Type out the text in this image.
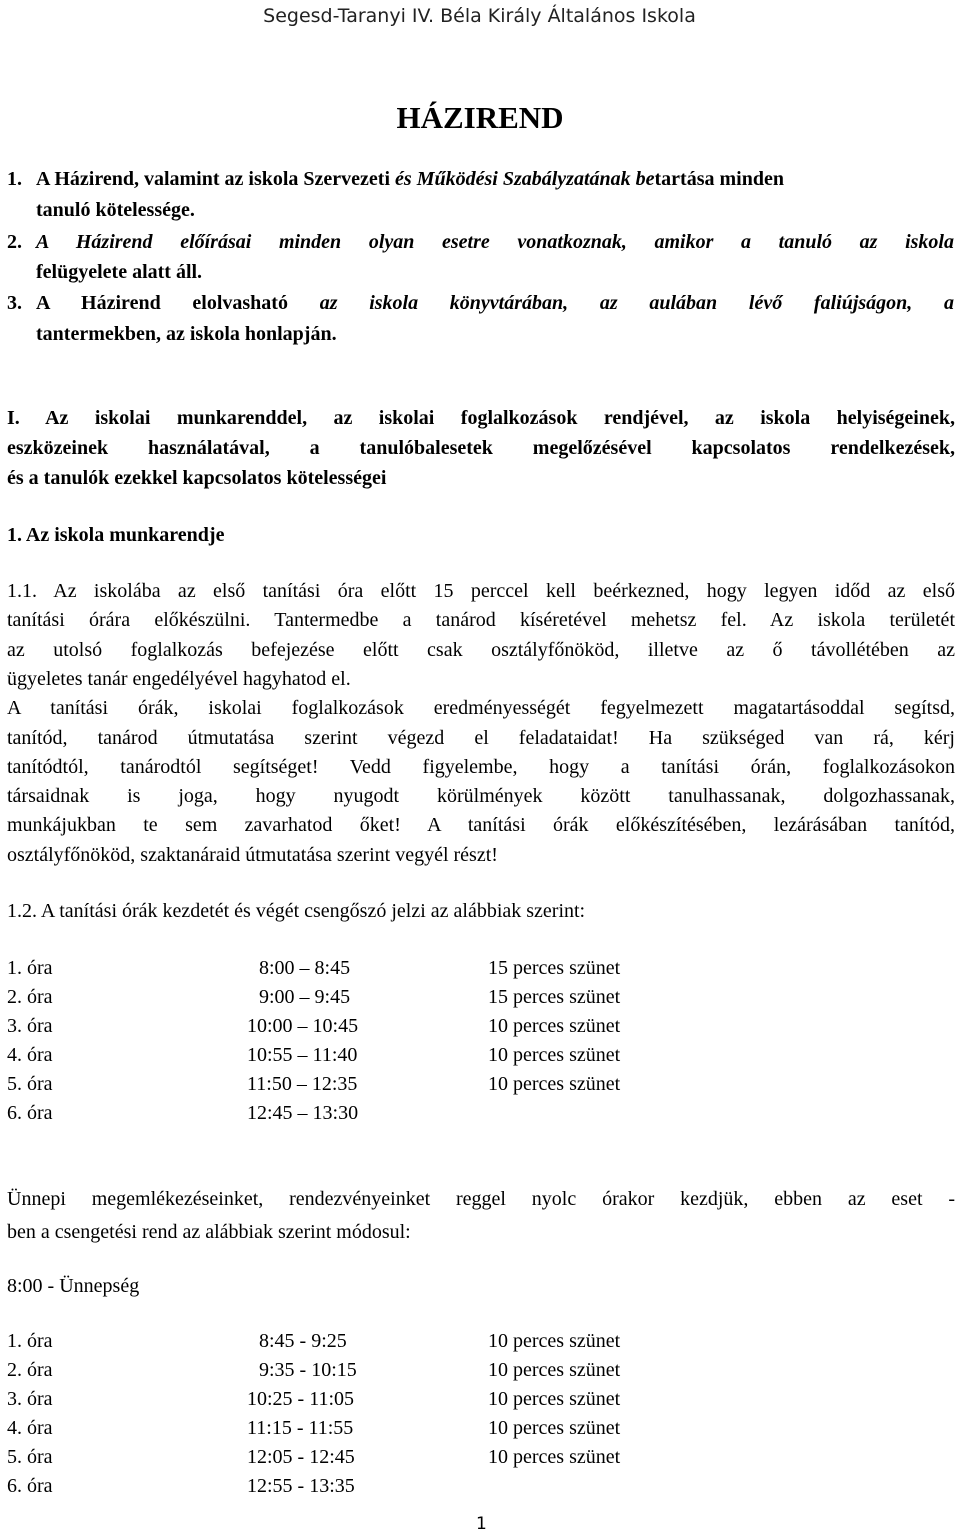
Segesd-Taranyi IV. Béla Király Általános Iskola
HÁZIREND
1. A Házirend, valamint az iskola Szervezeti és Működési Szabályzatának betartása minden
tanuló kötelessége.
2. A Házirend előírásai minden olyan esetre vonatkoznak, amikor a tanuló az iskola
felügyelete alatt áll.
3. A Házirend elolvasható az iskola könyvtárában, az aulában lévő faliújságon, a
tantermekben, az iskola honlapján.
I. Az iskolai munkarenddel, az iskolai foglalkozások rendjével, az iskola helyiségeinek,
eszközeinek használatával, a tanulóbalesetek megelőzésével kapcsolatos rendelkezések,
és a tanulók ezekkel kapcsolatos kötelességei
1. Az iskola munkarendje
1.1. Az iskolába az első tanítási óra előtt 15 perccel kell beérkezned, hogy legyen időd az első
tanítási órára előkészülni. Tantermedbe a tanárod kíséretével mehetsz fel. Az iskola területét
az utolsó foglalkozás befejezése előtt csak osztályfőnököd, illetve az ő távollétében az
ügyeletes tanár engedélyével hagyhatod el.
A tanítási órák, iskolai foglalkozások eredményességét fegyelmezett magatartásoddal segítsd,
tanítód, tanárod útmutatása szerint végezd el feladataidat! Ha szükséged van rá, kérj
tanítódtól, tanárodtól segítséget! Vedd figyelembe, hogy a tanítási órán, foglalkozásokon
társaidnak is joga, hogy nyugodt körülmények között tanulhassanak, dolgozhassanak,
munkájukban te sem zavarhatod őket! A tanítási órák előkészítésében, lezárásában tanítód,
osztályfőnököd, szaktanáraid útmutatása szerint vegyél részt!
1.2. A tanítási órák kezdetét és végét csengőszó jelzi az alábbiak szerint:
1. óra	8:00 – 8:45	15 perces szünet
2. óra	9:00 – 9:45	15 perces szünet
3. óra	10:00 – 10:45	10 perces szünet
4. óra	10:55 – 11:40	10 perces szünet
5. óra	11:50 – 12:35	10 perces szünet
6. óra	12:45 – 13:30
Ünnepi megemlékezéseinket, rendezvényeinket reggel nyolc órakor kezdjük, ebben az eset -
ben a csengetési rend az alábbiak szerint módosul:
8:00 - Ünnepség
1. óra	8:45 - 9:25	10 perces szünet
2. óra	9:35 - 10:15	10 perces szünet
3. óra	10:25 - 11:05	10 perces szünet
4. óra	11:15 - 11:55	10 perces szünet
5. óra	12:05 - 12:45	10 perces szünet
6. óra	12:55 - 13:35
1
